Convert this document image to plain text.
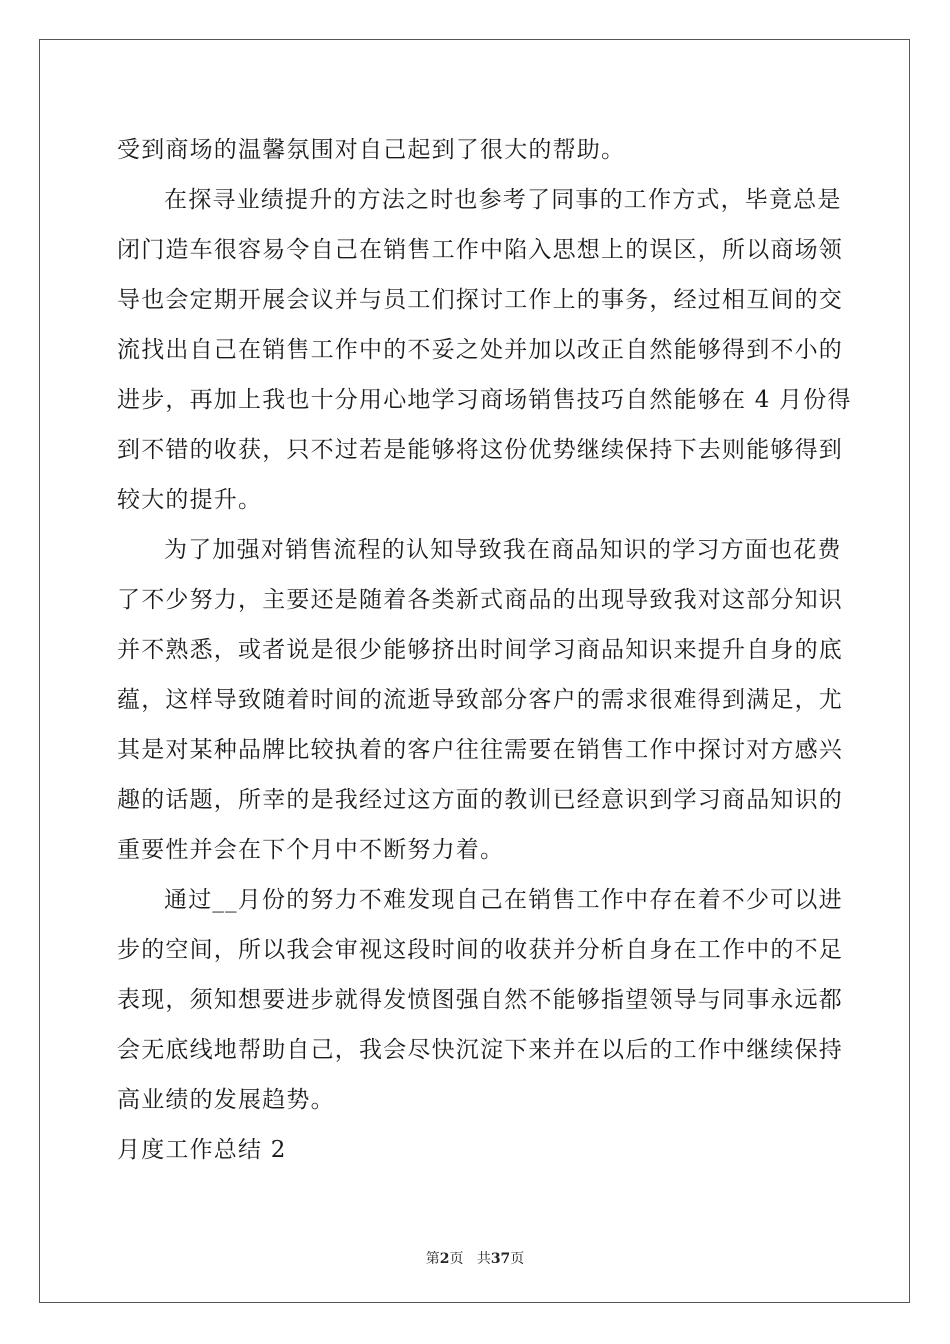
受到商场的温馨氛围对自己起到了很大的帮助。
在探寻业绩提升的方法之时也参考了同事的工作方式，毕竟总是
闭门造车很容易令自己在销售工作中陷入思想上的误区，所以商场领
导也会定期开展会议并与员工们探讨工作上的事务，经过相互间的交
流找出自己在销售工作中的不妥之处并加以改正自然能够得到不小的
进步，再加上我也十分用心地学习商场销售技巧自然能够在 4 月份得
到不错的收获，只不过若是能够将这份优势继续保持下去则能够得到
较大的提升。
为了加强对销售流程的认知导致我在商品知识的学习方面也花费
了不少努力，主要还是随着各类新式商品的出现导致我对这部分知识
并不熟悉，或者说是很少能够挤出时间学习商品知识来提升自身的底
蕴，这样导致随着时间的流逝导致部分客户的需求很难得到满足，尤
其是对某种品牌比较执着的客户往往需要在销售工作中探讨对方感兴
趣的话题，所幸的是我经过这方面的教训已经意识到学习商品知识的
重要性并会在下个月中不断努力着。
通过__月份的努力不难发现自己在销售工作中存在着不少可以进
步的空间，所以我会审视这段时间的收获并分析自身在工作中的不足
表现，须知想要进步就得发愤图强自然不能够指望领导与同事永远都
会无底线地帮助自己，我会尽快沉淀下来并在以后的工作中继续保持
高业绩的发展趋势。
月度工作总结 2
第2页 共37页
